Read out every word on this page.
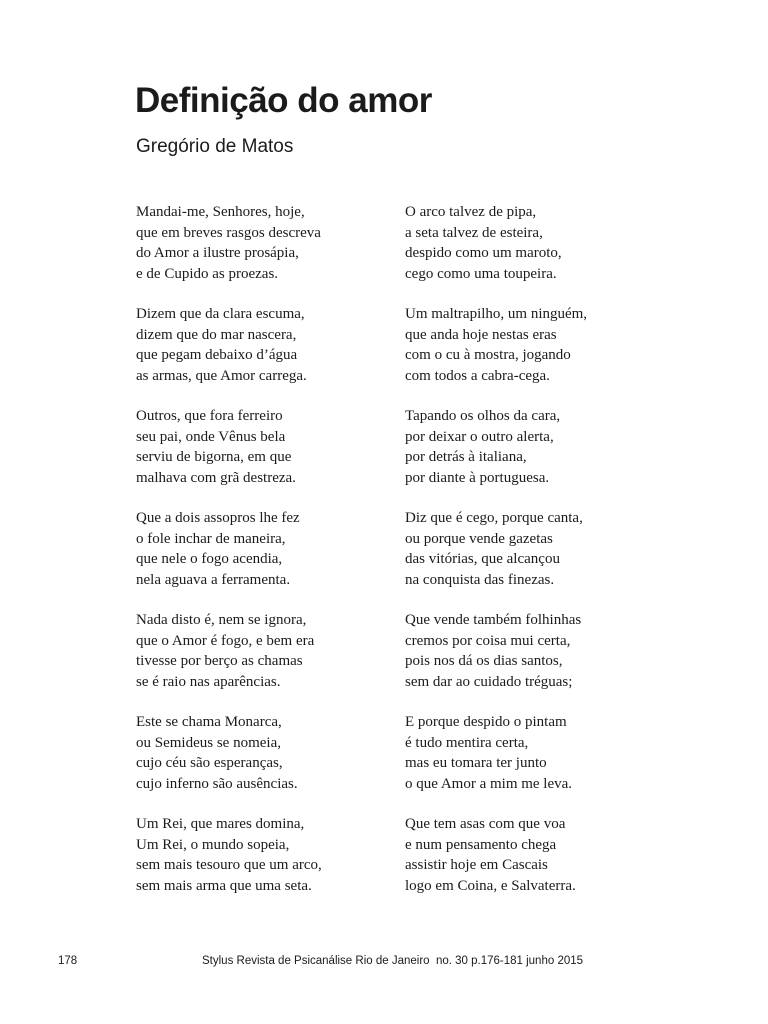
Definição do amor
Gregório de Matos
Mandai-me, Senhores, hoje,
que em breves rasgos descreva
do Amor a ilustre prosápia,
e de Cupido as proezas.
Dizem que da clara escuma,
dizem que do mar nascera,
que pegam debaixo d’água
as armas, que Amor carrega.
Outros, que fora ferreiro
seu pai, onde Vênus bela
serviu de bigorna, em que
malhava com grã destreza.
Que a dois assopros lhe fez
o fole inchar de maneira,
que nele o fogo acendia,
nela aguava a ferramenta.
Nada disto é, nem se ignora,
que o Amor é fogo, e bem era
tivesse por berço as chamas
se é raio nas aparências.
Este se chama Monarca,
ou Semideus se nomeia,
cujo céu são esperanças,
cujo inferno são ausências.
Um Rei, que mares domina,
Um Rei, o mundo sopeia,
sem mais tesouro que um arco,
sem mais arma que uma seta.
O arco talvez de pipa,
a seta talvez de esteira,
despido como um maroto,
cego como uma toupeira.
Um maltrapilho, um ninguém,
que anda hoje nestas eras
com o cu à mostra, jogando
com todos a cabra-cega.
Tapando os olhos da cara,
por deixar o outro alerta,
por detrás à italiana,
por diante à portuguesa.
Diz que é cego, porque canta,
ou porque vende gazetas
das vitórias, que alcançou
na conquista das finezas.
Que vende também folhinhas
cremos por coisa mui certa,
pois nos dá os dias santos,
sem dar ao cuidado tréguas;
E porque despido o pintam
é tudo mentira certa,
mas eu tomara ter junto
o que Amor a mim me leva.
Que tem asas com que voa
e num pensamento chega
assistir hoje em Cascais
logo em Coina, e Salvaterra.
178	Stylus Revista de Psicanálise Rio de Janeiro  no. 30 p.176-181 junho 2015
